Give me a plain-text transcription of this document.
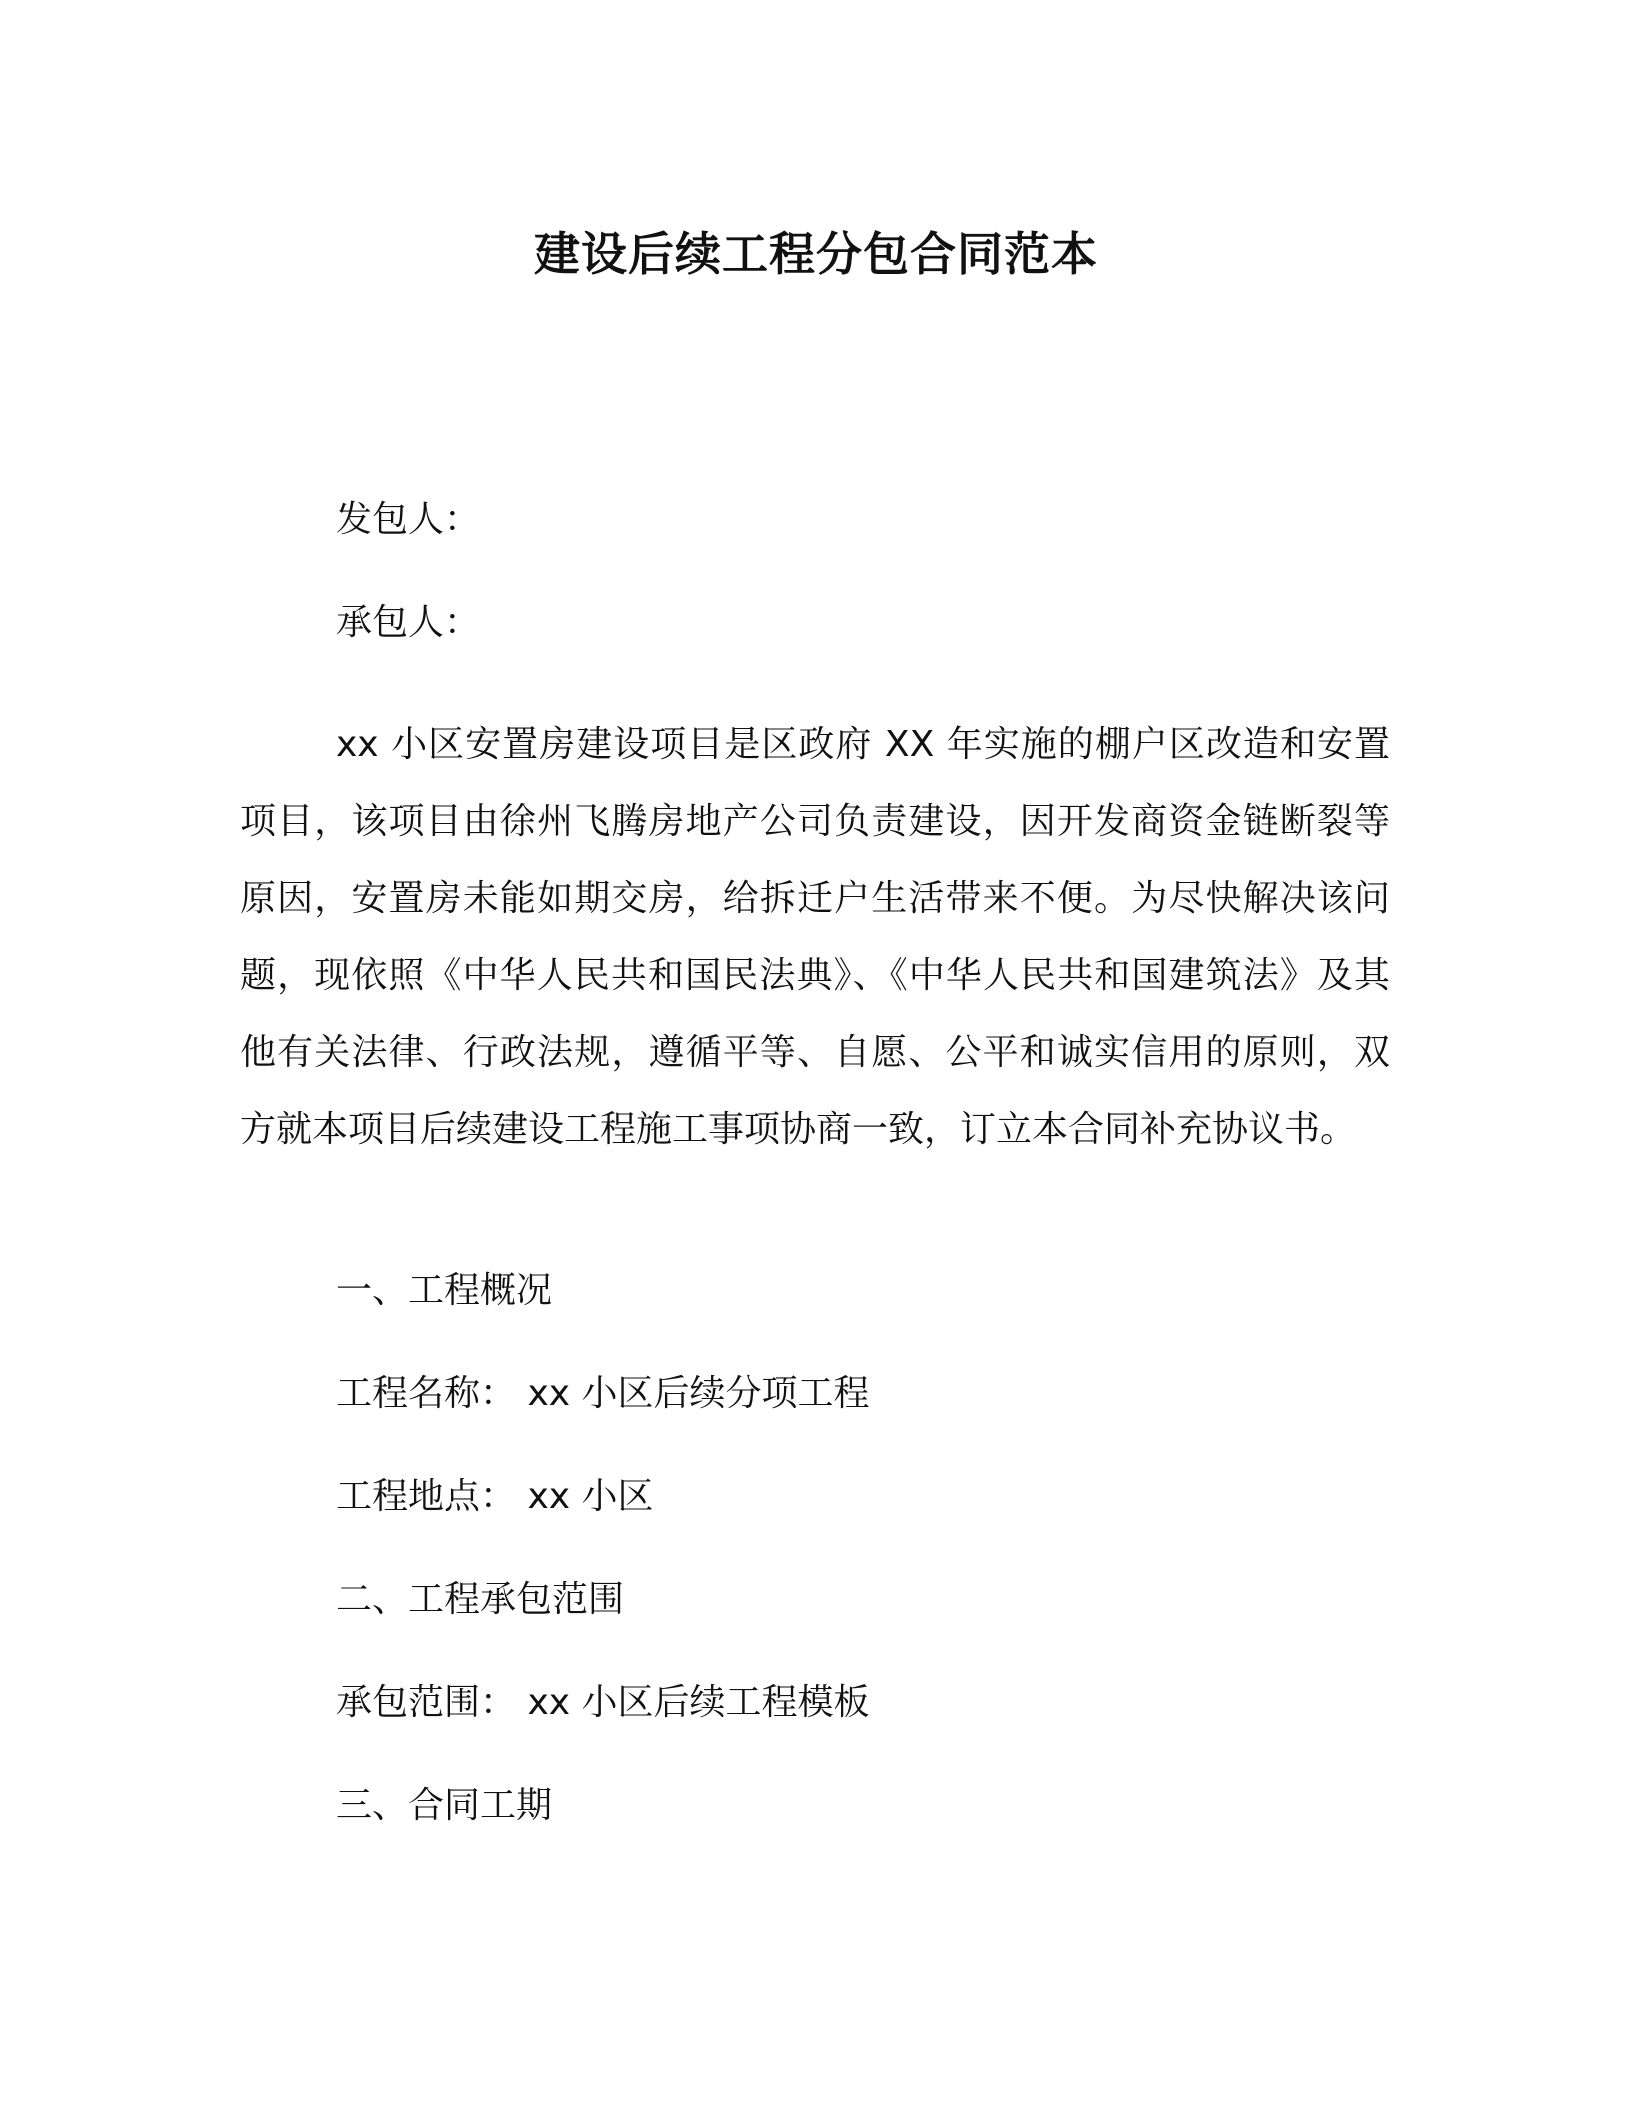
建设后续工程分包合同范本

发包人：

承包人：

xx 小区安置房建设项目是区政府 XX 年实施的棚户区改造和安置项目，该项目由徐州飞腾房地产公司负责建设，因开发商资金链断裂等原因，安置房未能如期交房，给拆迁户生活带来不便。为尽快解决该问题，现依照《中华人民共和国民法典》、《中华人民共和国建筑法》及其他有关法律、行政法规，遵循平等、自愿、公平和诚实信用的原则，双方就本项目后续建设工程施工事项协商一致，订立本合同补充协议书。

一、工程概况

工程名称： xx 小区后续分项工程

工程地点： xx 小区

二、工程承包范围

承包范围： xx 小区后续工程模板

三、合同工期
